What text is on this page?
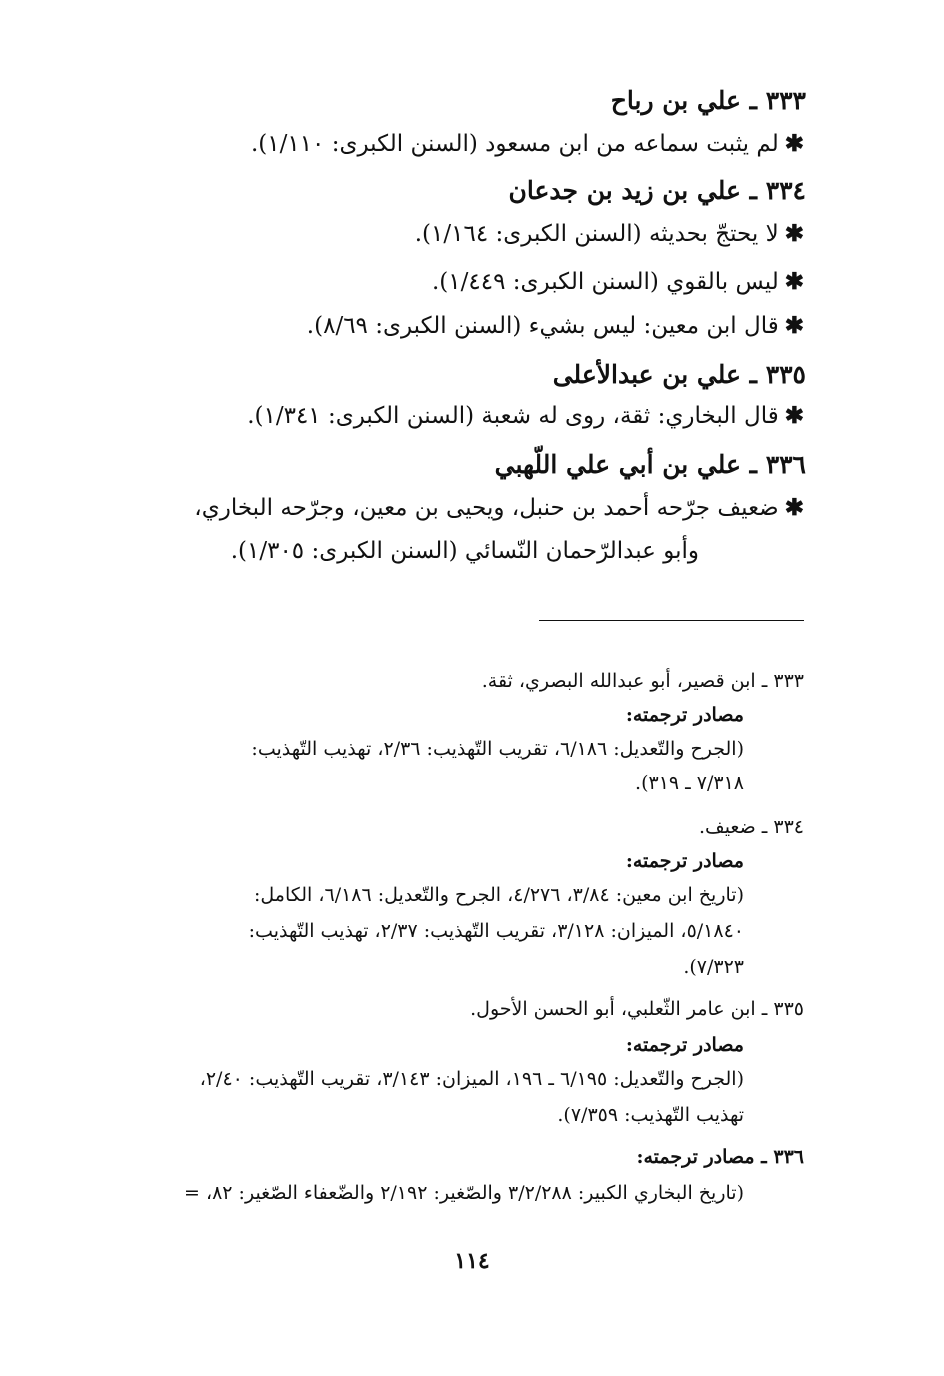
٣٣٣ ـ علي بن رباح
✱لم يثبت سماعه من ابن مسعود (السنن الكبرى: ١/١١٠).
٣٣٤ ـ علي بن زيد بن جدعان
✱لا يحتجّ بحديثه (السنن الكبرى: ١/١٦٤).
✱ليس بالقوي (السنن الكبرى: ١/٤٤٩).
✱قال ابن معين: ليس بشيء (السنن الكبرى: ٨/٦٩).
٣٣٥ ـ علي بن عبدالأعلى
✱قال البخاري: ثقة، روى له شعبة (السنن الكبرى: ١/٣٤١).
٣٣٦ ـ علي بن أبي علي اللّهبي
✱ضعيف جرّحه أحمد بن حنبل، ويحيى بن معين، وجرّحه البخاري،
وأبو عبدالرّحمان النّسائي (السنن الكبرى: ١/٣٠٥).
٣٣٣ ـ ابن قصير، أبو عبدالله البصري، ثقة.
مصادر ترجمته:
(الجرح والتّعديل: ٦/١٨٦، تقريب التّهذيب: ٢/٣٦، تهذيب التّهذيب:
٧/٣١٨ ـ ٣١٩).
٣٣٤ ـ ضعيف.
مصادر ترجمته:
(تاريخ ابن معين: ٣/٨٤، ٤/٢٧٦، الجرح والتّعديل: ٦/١٨٦، الكامل:
٥/١٨٤٠، الميزان: ٣/١٢٨، تقريب التّهذيب: ٢/٣٧، تهذيب التّهذيب:
٧/٣٢٣).
٣٣٥ ـ ابن عامر الثّعلبي، أبو الحسن الأحول.
مصادر ترجمته:
(الجرح والتّعديل: ٦/١٩٥ ـ ١٩٦، الميزان: ٣/١٤٣، تقريب التّهذيب: ٢/٤٠،
تهذيب التّهذيب: ٧/٣٥٩).
٣٣٦ ـ مصادر ترجمته:
(تاريخ البخاري الكبير: ٣/٢/٢٨٨ والصّغير: ٢/١٩٢ والضّعفاء الصّغير: ٨٢، =
١١٤
